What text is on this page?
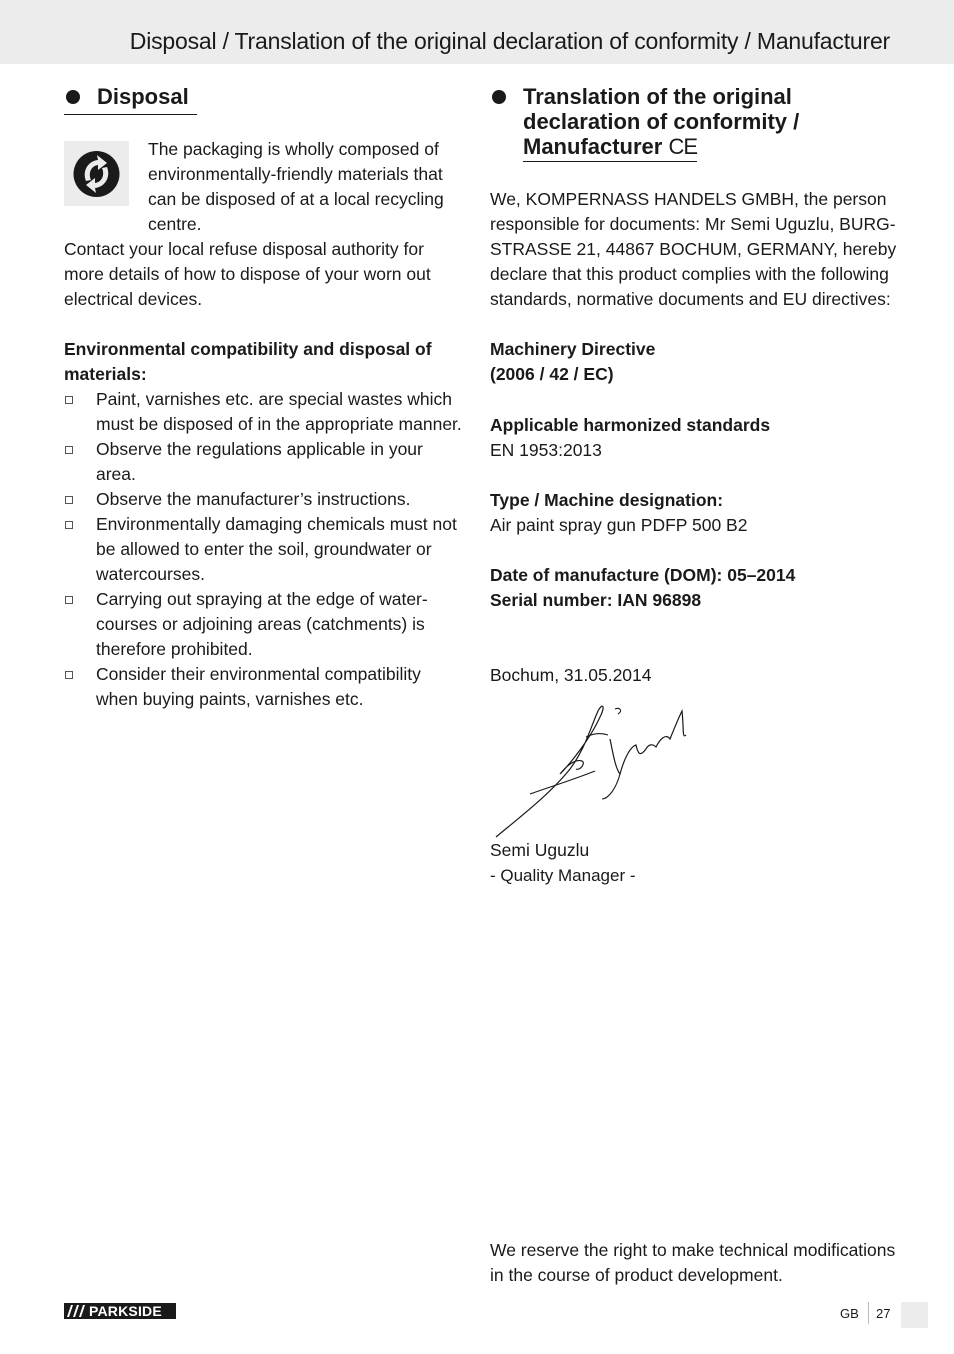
Disposal / Translation of the original declaration of conformity / Manufacturer
Disposal

The packaging is wholly composed of environmentally-friendly materials that can be disposed of at a local recycling centre.

Contact your local refuse disposal authority for more details of how to dispose of your worn out electrical devices.

Environmental compatibility and disposal of materials:

Paint, varnishes etc. are special wastes which must be disposed of in the appropriate manner.
Observe the regulations applicable in your area.
Observe the manufacturer’s instructions.
Environmentally damaging chemicals must not be allowed to enter the soil, groundwater or watercourses.
Carrying out spraying at the edge of water-courses or adjoining areas (catchments) is therefore prohibited.
Consider their environmental compatibility when buying paints, varnishes etc.
Translation of the original
declaration of conformity /
Manufacturer CE

We, KOMPERNASS HANDELS GMBH, the person responsible for documents: Mr Semi Uguzlu, BURG-STRASSE 21, 44867 BOCHUM, GERMANY, hereby declare that this product complies with the following standards, normative documents and EU directives:

Machinery Directive

(2006 / 42 / EC)

Applicable harmonized standards

EN 1953:2013

Type / Machine designation:

Air paint spray gun PDFP 500 B2

Date of manufacture (DOM): 05–2014

Serial number: IAN 96898

Bochum, 31.05.2014

Semi Uguzlu

- Quality Manager -

We reserve the right to make technical modifications in the course of product development.

PARKSIDE	GB 27
